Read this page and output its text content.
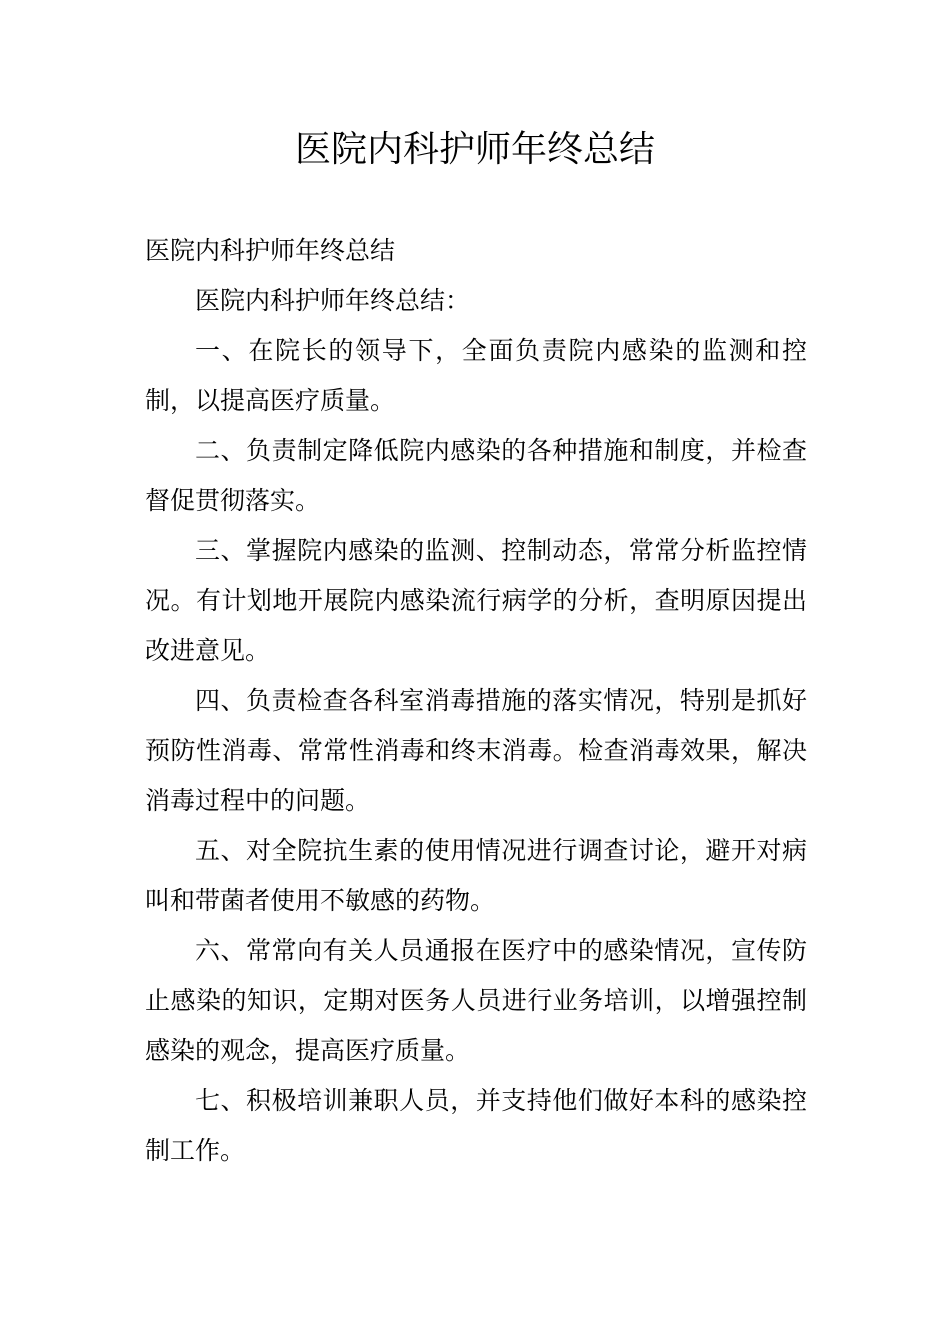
医院内科护师年终总结

医院内科护师年终总结

医院内科护师年终总结：

一、在院长的领导下，全面负责院内感染的监测和控制，以提高医疗质量。

二、负责制定降低院内感染的各种措施和制度，并检查督促贯彻落实。

三、掌握院内感染的监测、控制动态，常常分析监控情况。有计划地开展院内感染流行病学的分析，查明原因提出改进意见。

四、负责检查各科室消毒措施的落实情况，特别是抓好预防性消毒、常常性消毒和终末消毒。检查消毒效果，解决消毒过程中的问题。

五、对全院抗生素的使用情况进行调查讨论，避开对病叫和带菌者使用不敏感的药物。

六、常常向有关人员通报在医疗中的感染情况，宣传防止感染的知识，定期对医务人员进行业务培训，以增强控制感染的观念，提高医疗质量。

七、积极培训兼职人员，并支持他们做好本科的感染控制工作。
